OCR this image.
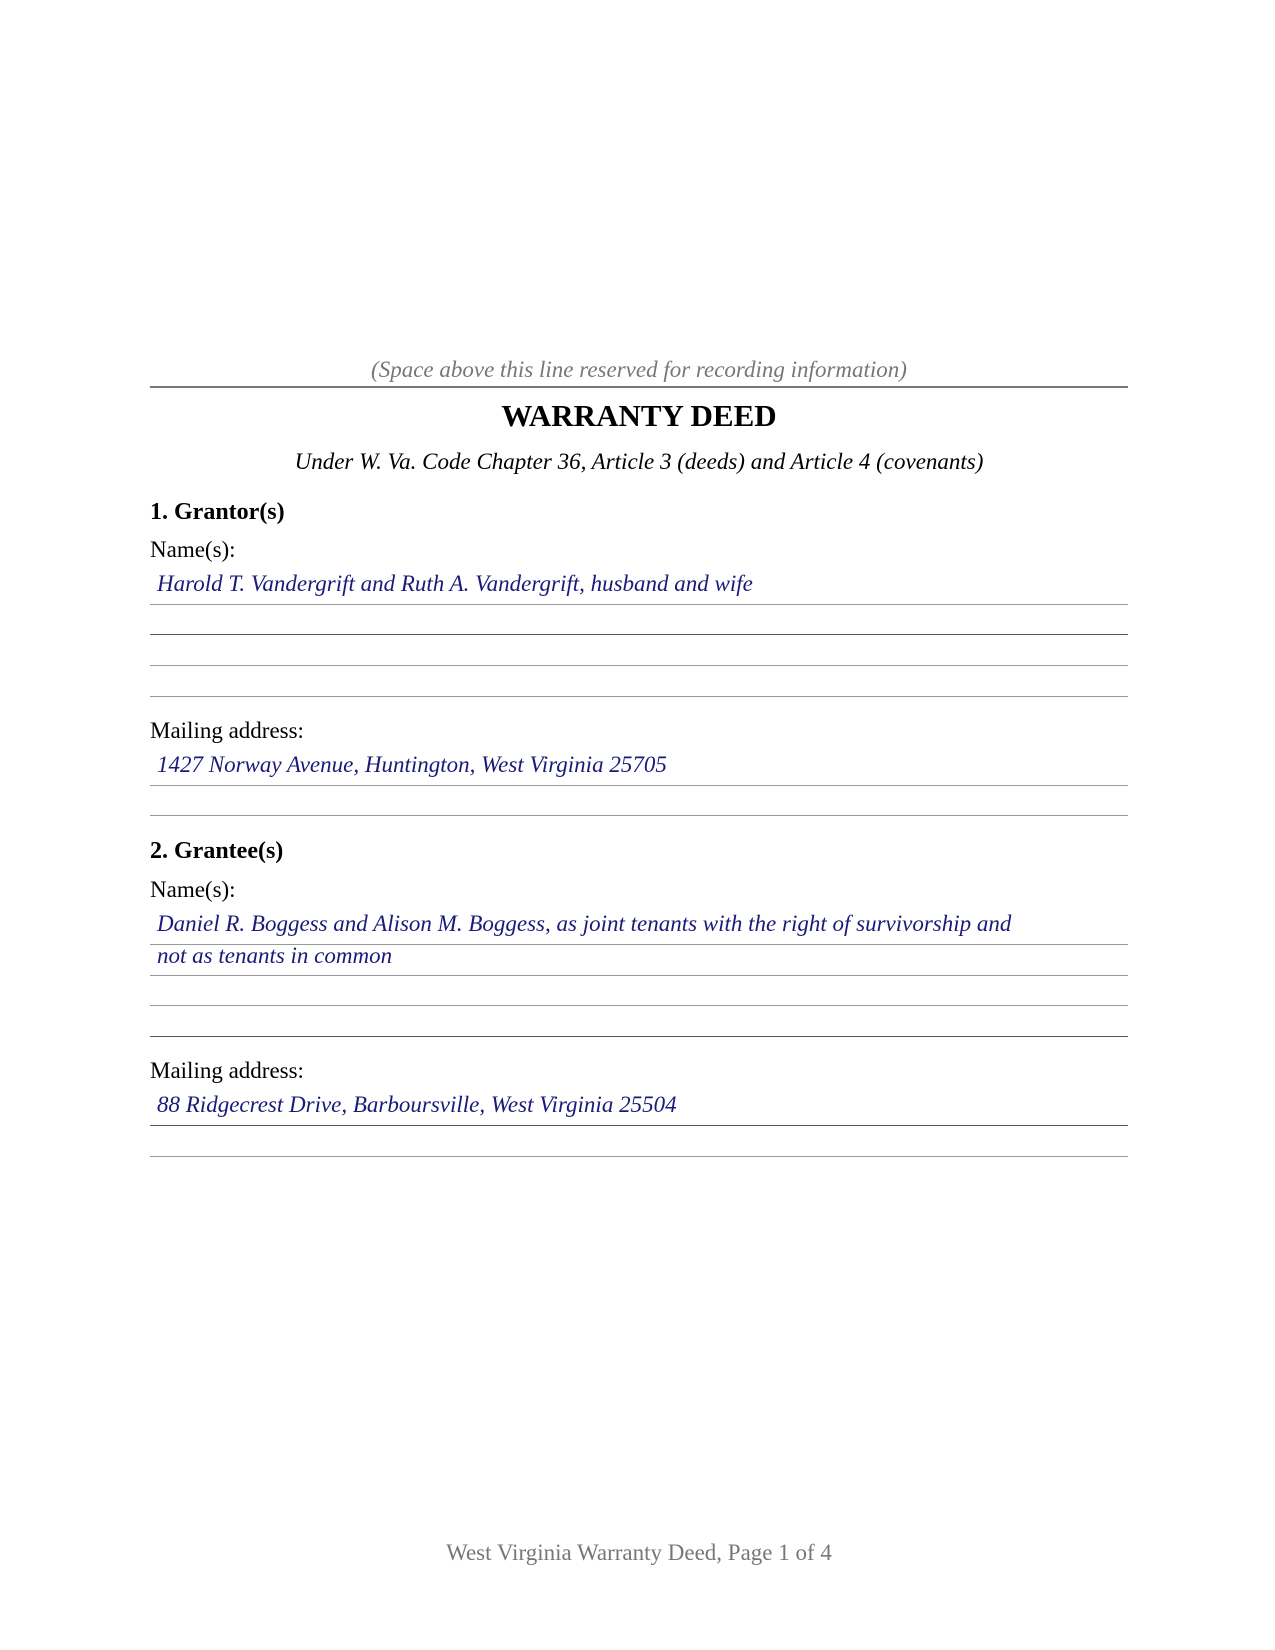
(Space above this line reserved for recording information)
WARRANTY DEED
Under W. Va. Code Chapter 36, Article 3 (deeds) and Article 4 (covenants)
1. Grantor(s)
Name(s):
Harold T. Vandergrift and Ruth A. Vandergrift, husband and wife
Mailing address:
1427 Norway Avenue, Huntington, West Virginia 25705
2. Grantee(s)
Name(s):
Daniel R. Boggess and Alison M. Boggess, as joint tenants with the right of survivorship and
not as tenants in common
Mailing address:
88 Ridgecrest Drive, Barboursville, West Virginia 25504
West Virginia Warranty Deed, Page 1 of 4
